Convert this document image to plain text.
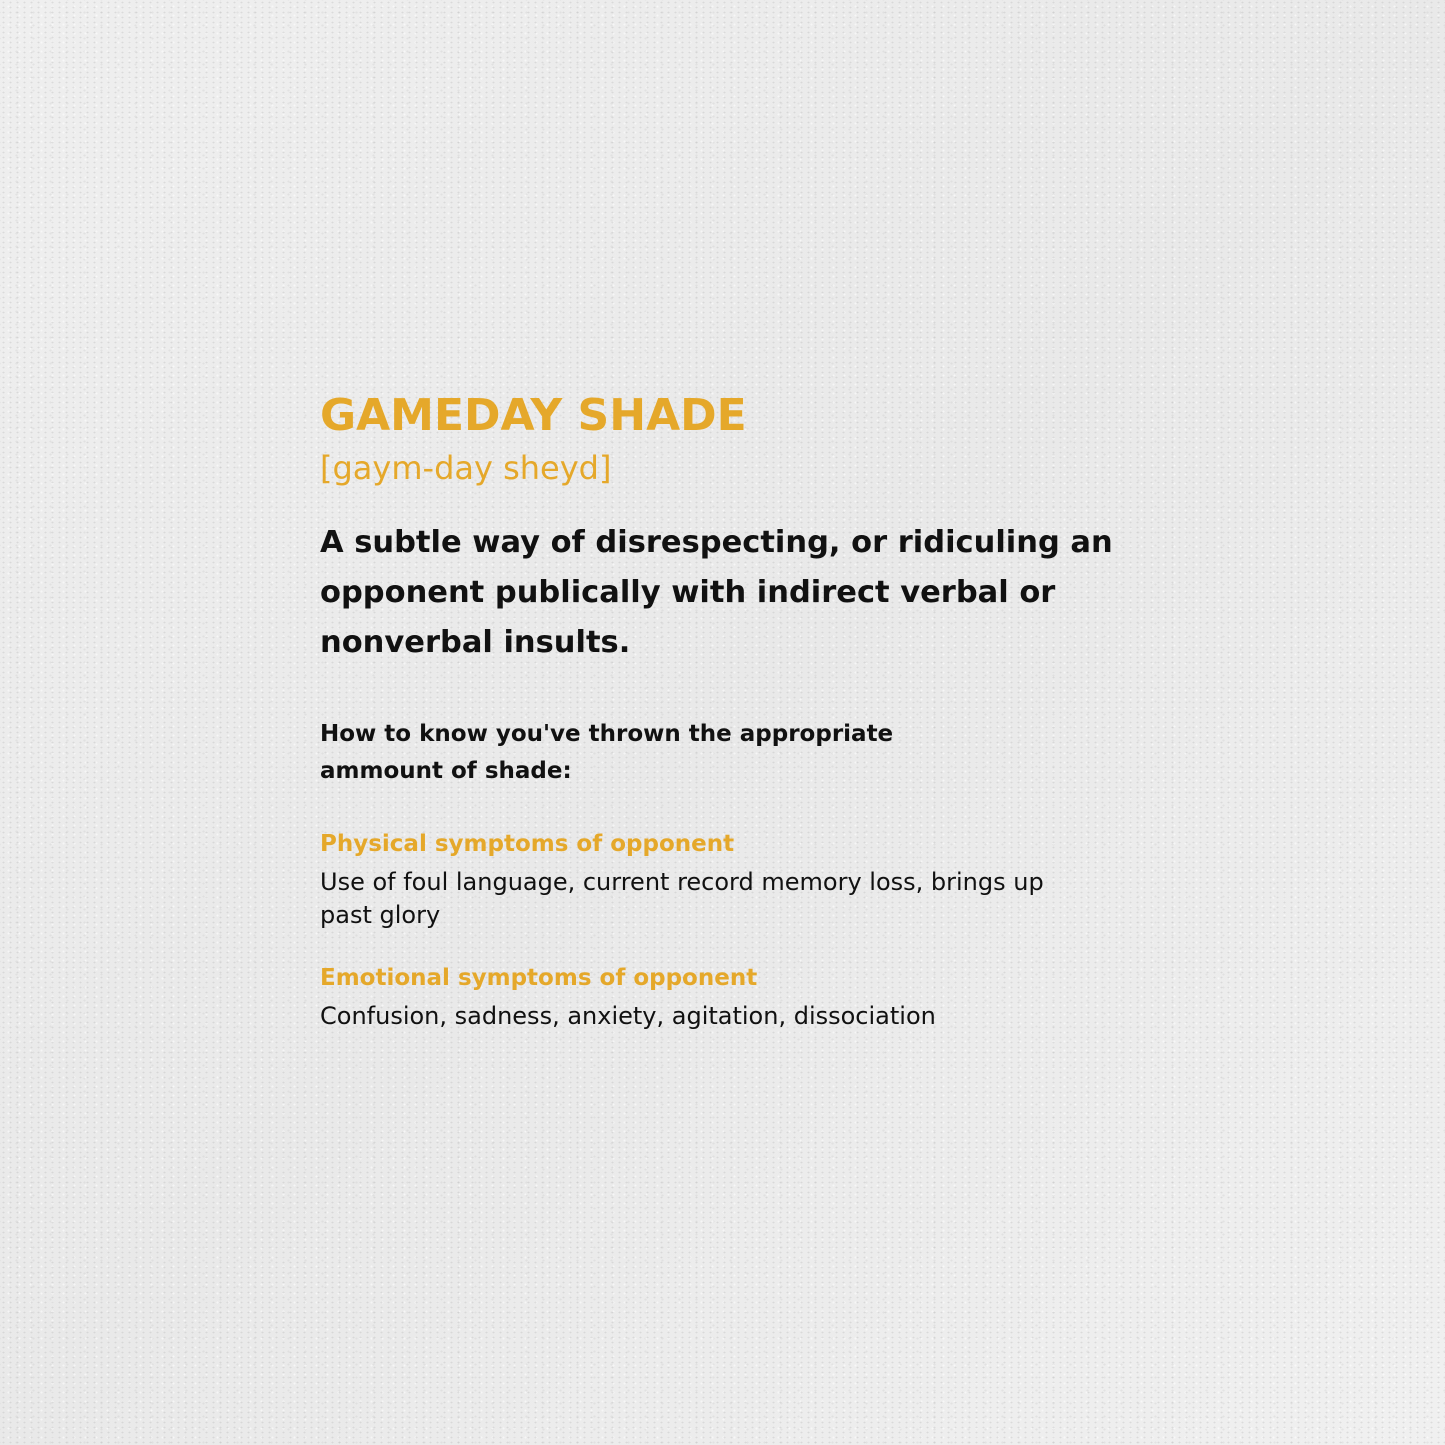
GAMEDAY SHADE
[gaym-day sheyd]

A subtle way of disrespecting, or ridiculing an opponent publically with indirect verbal or nonverbal insults.

How to know you've thrown the appropriate ammount of shade:

Physical symptoms of opponent

Use of foul language, current record memory loss, brings up past glory

Emotional symptoms of opponent

Confusion, sadness, anxiety, agitation, dissociation
